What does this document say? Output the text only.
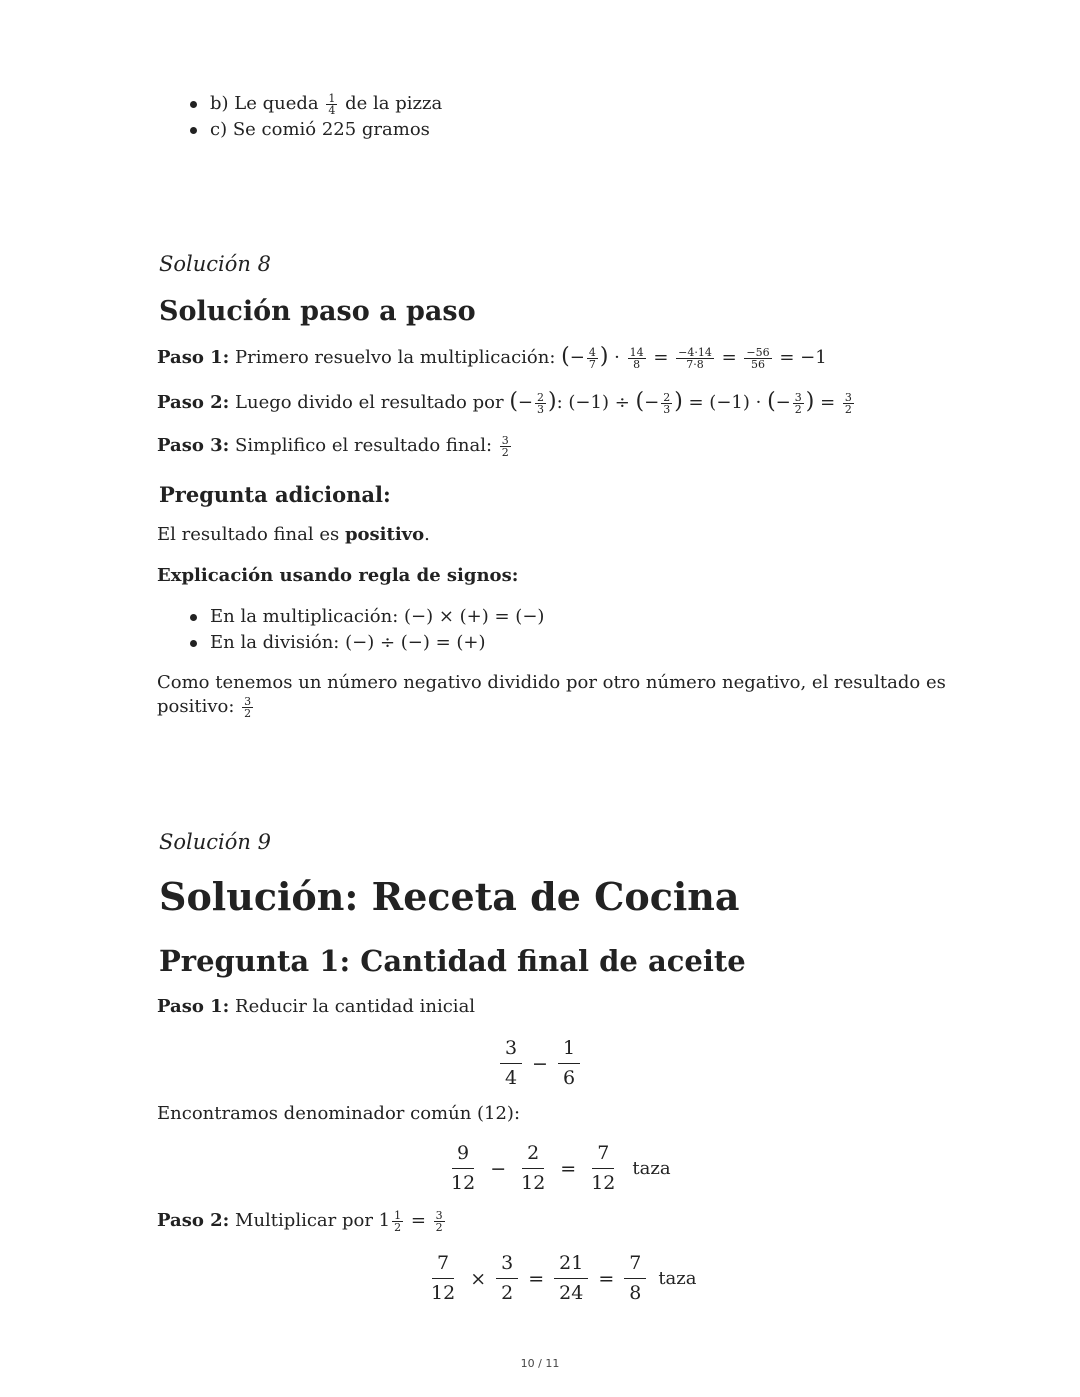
b) Le queda $\frac{1}{4}$ de la pizza
c) Se comió 225 gramos
Solución 8
Solución paso a paso
Paso 1: Primero resuelvo la multiplicación: (− $\frac{4}{7}$ ) · $\frac{14}{8} = \frac{-4\cdot 14}{7\cdot 8} = \frac{-56}{56} = -1$
Paso 2: Luego divido el resultado por (− $\frac{2}{3}$ ): (−1) ÷ (− $\frac{2}{3}$ ) = (−1) · (− $\frac{3}{2}$ ) = $\frac{3}{2}$
Paso 3: Simplifico el resultado final: $\frac{3}{2}$
Pregunta adicional:
El resultado final es positivo.
Explicación usando regla de signos:
En la multiplicación: (−) × (+) = (−)
En la división: (−) ÷ (−) = (+)
Como tenemos un número negativo dividido por otro número negativo, el resultado es
positivo: $\frac{3}{2}$
Solución 9
Solución: Receta de Cocina
Pregunta 1: Cantidad final de aceite
Paso 1: Reducir la cantidad inicial
$\frac{3}{4} - \frac{1}{6}$
Encontramos denominador común (12):
$\frac{9}{12} - \frac{2}{12} = \frac{7}{12}$ taza
Paso 2: Multiplicar por $1 \frac{1}{2} = \frac{3}{2}$
$\frac{7}{12} \times \frac{3}{2} = \frac{21}{24} = \frac{7}{8}$ taza
10 / 11
